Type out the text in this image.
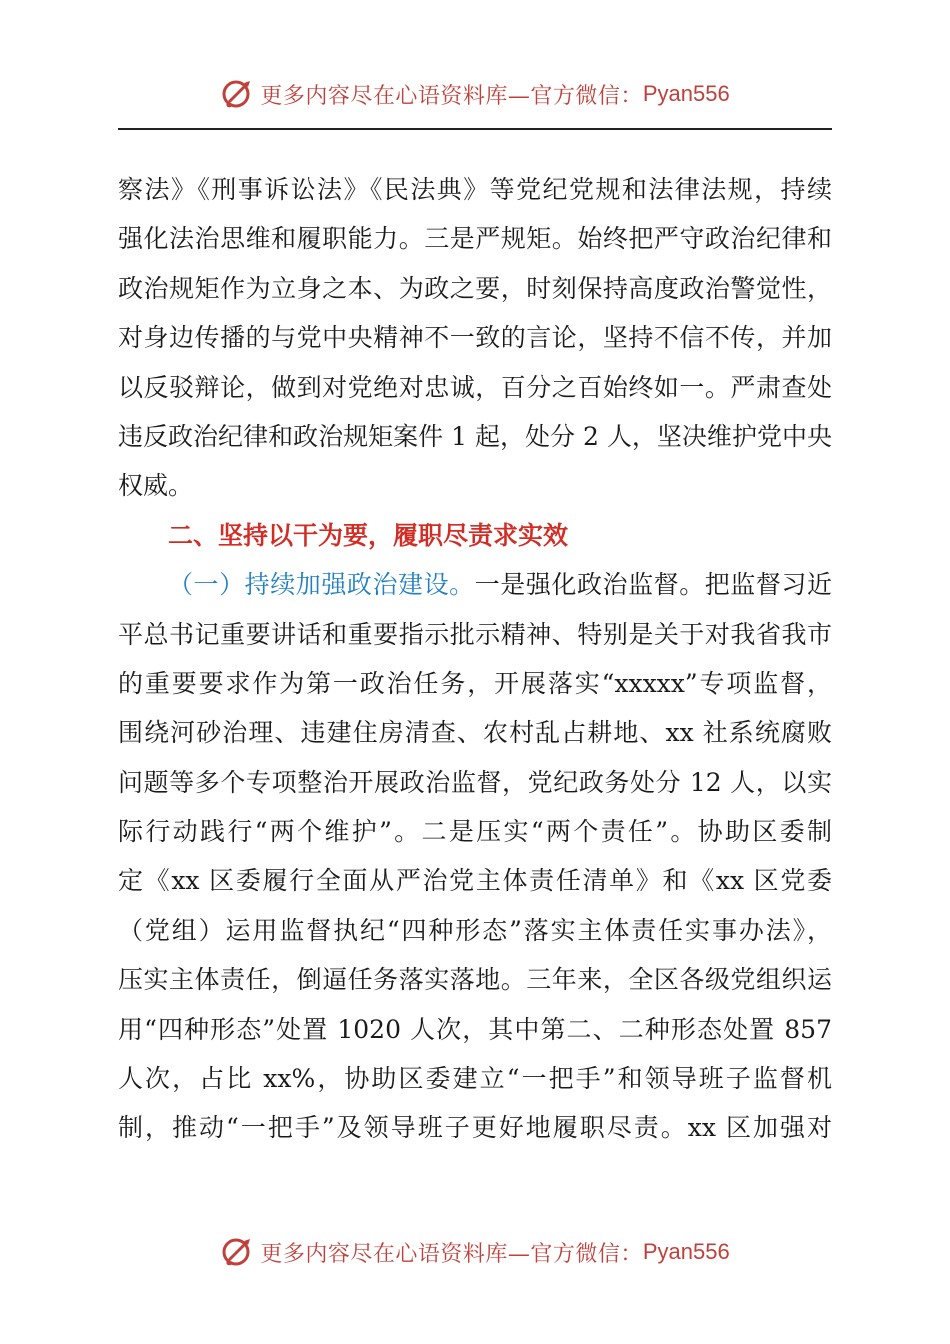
更多内容尽在心语资料库—官方微信： Pyan556
察法》《刑事诉讼法》《民法典》等党纪党规和法律法规，持续
强化法治思维和履职能力。三是严规矩。始终把严守政治纪律和
政治规矩作为立身之本、为政之要，时刻保持高度政治警觉性，
对身边传播的与党中央精神不一致的言论，坚持不信不传，并加
以反驳辩论，做到对党绝对忠诚，百分之百始终如一。严肃查处
违反政治纪律和政治规矩案件 1 起，处分 2 人，坚决维护党中央
权威。
二、坚持以干为要，履职尽责求实效
（一）持续加强政治建设。一是强化政治监督。把监督习近
平总书记重要讲话和重要指示批示精神、特别是关于对我省我市
的重要要求作为第一政治任务，开展落实“xxxxx”专项监督，
围绕河砂治理、违建住房清查、农村乱占耕地、xx 社系统腐败
问题等多个专项整治开展政治监督，党纪政务处分 12 人，以实
际行动践行“两个维护”。二是压实“两个责任”。协助区委制
定《xx 区委履行全面从严治党主体责任清单》和《xx 区党委
（党组）运用监督执纪“四种形态”落实主体责任实事办法》，
压实主体责任，倒逼任务落实落地。三年来，全区各级党组织运
用“四种形态”处置 1020 人次，其中第二、二种形态处置 857
人次，占比 xx%，协助区委建立“一把手”和领导班子监督机
制，推动“一把手”及领导班子更好地履职尽责。xx 区加强对
更多内容尽在心语资料库—官方微信： Pyan556
